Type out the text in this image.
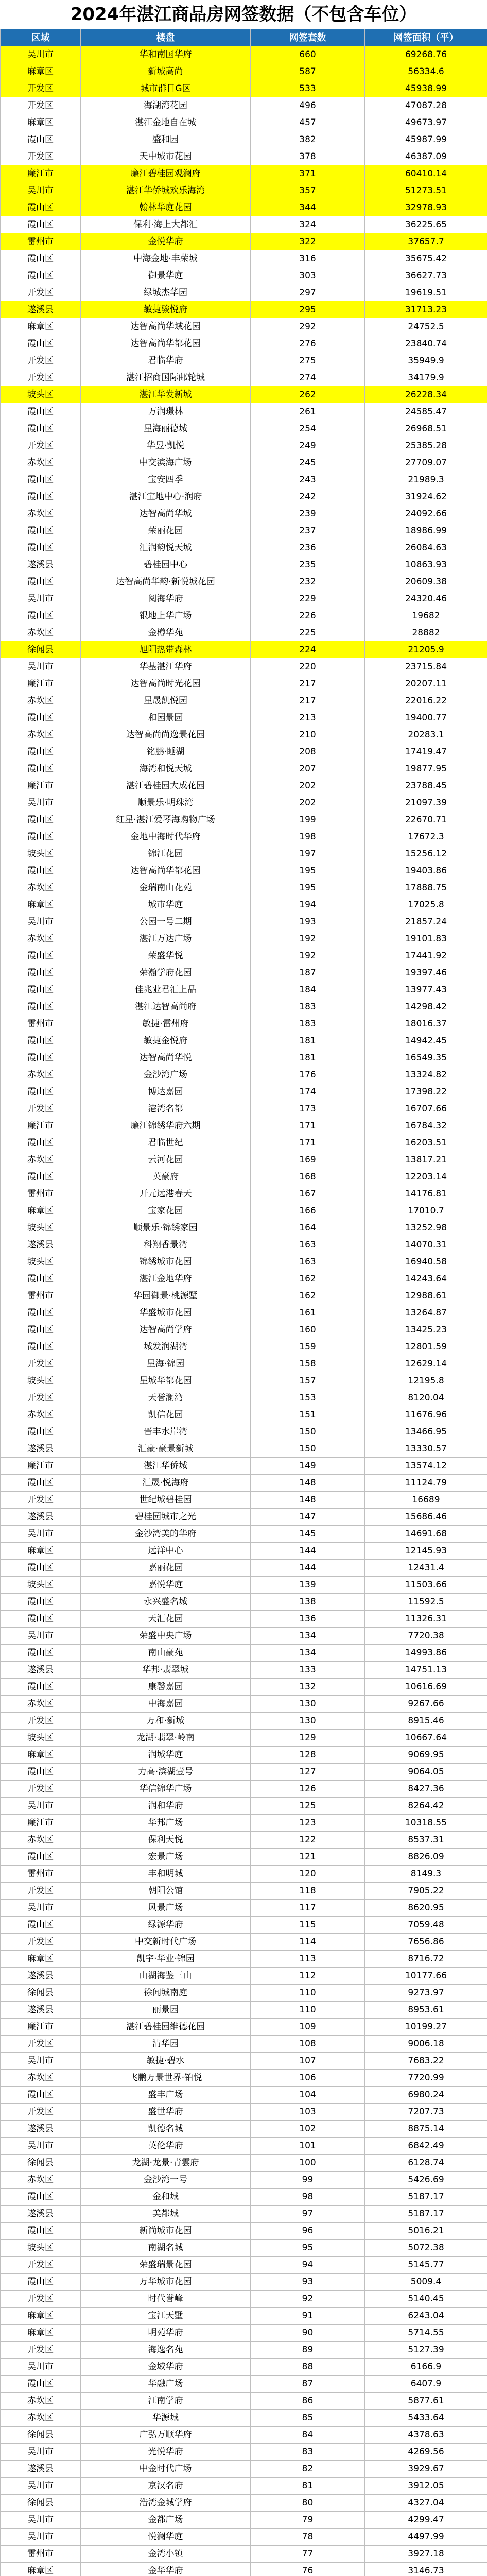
2024年湛江商品房网签数据（不包含车位）
区域	楼盘	网签套数	网签面积（平）
吴川市	华和南国华府	660	69268.76
麻章区	新城高尚	587	56334.6
开发区	城市群日G区	533	45938.99
开发区	海湖湾花园	496	47087.28
麻章区	湛江金地自在城	457	49673.97
霞山区	盛和园	382	45987.99
开发区	天中城市花园	378	46387.09
廉江市	廉江碧桂园观澜府	371	60410.14
吴川市	湛江华侨城欢乐海湾	357	51273.51
霞山区	翰林华庭花园	344	32978.93
霞山区	保利·海上大都汇	324	36225.65
雷州市	金悦华府	322	37657.7
霞山区	中海金地·丰荣城	316	35675.42
霞山区	御景华庭	303	36627.73
开发区	绿城杰华园	297	19619.51
遂溪县	敏捷骏悦府	295	31713.23
麻章区	达智高尚华域花园	292	24752.5
霞山区	达智高尚华都花园	276	23840.74
开发区	君临华府	275	35949.9
开发区	湛江招商国际邮轮城	274	34179.9
坡头区	湛江华发新城	262	26228.34
霞山区	万润璟林	261	24585.47
霞山区	星海丽德城	254	26968.51
开发区	华昱·凯悦	249	25385.28
赤坎区	中交滨海广场	245	27709.07
霞山区	宝安四季	243	21989.3
霞山区	湛江宝地中心·润府	242	31924.62
赤坎区	达智高尚华城	239	24092.66
霞山区	荣丽花园	237	18986.99
霞山区	汇润韵悦天城	236	26084.63
遂溪县	碧桂园中心	235	10863.93
霞山区	达智高尚华韵·新悦城花园	232	20609.38
吴川市	阅海华府	229	24320.46
霞山区	银地上华广场	226	19682
赤坎区	金樽华苑	225	28882
徐闻县	旭阳热带森林	224	21205.9
吴川市	华基湛江华府	220	23715.84
廉江市	达智高尚时光花园	217	20207.11
赤坎区	星晟凯悦园	217	22016.22
霞山区	和园景园	213	19400.77
赤坎区	达智高尚尚逸景花园	210	20283.1
霞山区	铭鹏·睡湖	208	17419.47
霞山区	海湾和悦天城	207	19877.95
廉江市	湛江碧桂园大成花园	202	23788.45
吴川市	顺景乐·明珠湾	202	21097.39
霞山区	红星·湛江爱琴海购物广场	199	22670.71
霞山区	金地中海时代华府	198	17672.3
坡头区	锦江花园	197	15256.12
霞山区	达智高尚华都花园	195	19403.86
赤坎区	金瑞南山花苑	195	17888.75
麻章区	城市华庭	194	17025.8
吴川市	公园一号二期	193	21857.24
赤坎区	湛江万达广场	192	19101.83
霞山区	荣盛华悦	192	17441.92
霞山区	荣瀚学府花园	187	19397.46
霞山区	佳兆业君汇上品	184	13977.43
霞山区	湛江达智高尚府	183	14298.42
雷州市	敏捷·雷州府	183	18016.37
霞山区	敏捷金悦府	181	14942.45
霞山区	达智高尚华悦	181	16549.35
赤坎区	金沙湾广场	176	13324.82
霞山区	博达嘉园	174	17398.22
开发区	港湾名都	173	16707.66
廉江市	廉江锦绣华府六期	171	16784.32
霞山区	君临世纪	171	16203.51
赤坎区	云河花园	169	13817.21
霞山区	英豪府	168	12203.14
雷州市	开元远港春天	167	14176.81
麻章区	宝家花园	166	17010.7
坡头区	顺景乐·锦绣家园	164	13252.98
遂溪县	科翔香景湾	163	14070.31
坡头区	锦绣城市花园	163	16940.58
霞山区	湛江金地华府	162	14243.64
雷州市	华园御景·桃源墅	162	12988.61
霞山区	华盛城市花园	161	13264.87
霞山区	达智高尚学府	160	13425.23
霞山区	城发润湖湾	159	12801.59
开发区	星海·锦园	158	12629.14
坡头区	星城华都花园	157	12195.8
开发区	天誉澜湾	153	8120.04
赤坎区	凯信花园	151	11676.96
霞山区	晋丰水岸湾	150	13466.95
遂溪县	汇豪·豪景新城	150	13330.57
廉江市	湛江华侨城	149	13574.12
霞山区	汇晟·悦海府	148	11124.79
开发区	世纪城碧桂园	148	16689
遂溪县	碧桂园城市之光	147	15686.46
吴川市	金沙湾美的华府	145	14691.68
麻章区	远洋中心	144	12145.93
霞山区	嘉丽花园	144	12431.4
坡头区	嘉悦华庭	139	11503.66
霞山区	永兴盛名城	138	11592.5
霞山区	天汇花园	136	11326.31
吴川市	荣盛中央广场	134	7720.38
霞山区	南山豪苑	134	14993.86
遂溪县	华邦·翡翠城	133	14751.13
霞山区	康馨嘉园	132	10616.69
赤坎区	中海嘉园	130	9267.66
开发区	万和·新城	130	8915.46
坡头区	龙湖·翡翠·岭南	129	10667.64
麻章区	润城华庭	128	9069.95
霞山区	力高·滨湖壹号	127	9064.05
开发区	华信锦华广场	126	8427.36
吴川市	润和华府	125	8264.42
廉江市	华邦广场	123	10318.55
赤坎区	保利天悦	122	8537.31
霞山区	宏景广场	121	8826.09
雷州市	丰和明城	120	8149.3
开发区	朝阳公馆	118	7905.22
吴川市	风景广场	117	8620.95
霞山区	绿源华府	115	7059.48
开发区	中交新时代广场	114	7656.86
麻章区	凯宇·华业·锦园	113	8716.72
遂溪县	山湖海鉴三山	112	10177.66
徐闻县	徐闻城南庭	110	9273.97
遂溪县	丽景园	110	8953.61
廉江市	湛江碧桂园维德花园	109	10199.27
开发区	清华园	108	9006.18
吴川市	敏捷·碧水	107	7683.22
赤坎区	飞鹏万景世界·铂悦	106	7720.99
霞山区	盛丰广场	104	6980.24
开发区	盛世华府	103	7207.73
遂溪县	凯德名城	102	8875.14
吴川市	英伦华府	101	6842.49
徐闻县	龙湖·龙景·青雲府	100	6128.74
赤坎区	金沙湾一号	99	5426.69
霞山区	金和城	98	5187.17
遂溪县	美都城	97	5187.17
霞山区	新尚城市花园	96	5016.21
坡头区	南湖名城	95	5072.38
开发区	荣盛瑞景花园	94	5145.77
霞山区	万华城市花园	93	5009.4
开发区	时代誉峰	92	5140.45
麻章区	宝江天墅	91	6243.04
麻章区	明苑华府	90	5714.55
开发区	海逸名苑	89	5127.39
吴川市	金域华府	88	6166.9
霞山区	华融广场	87	6407.9
赤坎区	江南学府	86	5877.61
赤坎区	华源城	85	5433.64
徐闻县	广弘万顺华府	84	4378.63
吴川市	光悦华府	83	4269.56
遂溪县	中金时代广场	82	3929.67
吴川市	京汉名府	81	3912.05
徐闻县	浩湾金城学府	80	4327.04
吴川市	金都广场	79	4299.47
吴川市	悦澜华庭	78	4497.99
雷州市	金湾小镇	77	3927.18
麻章区	金华华府	76	3146.73
